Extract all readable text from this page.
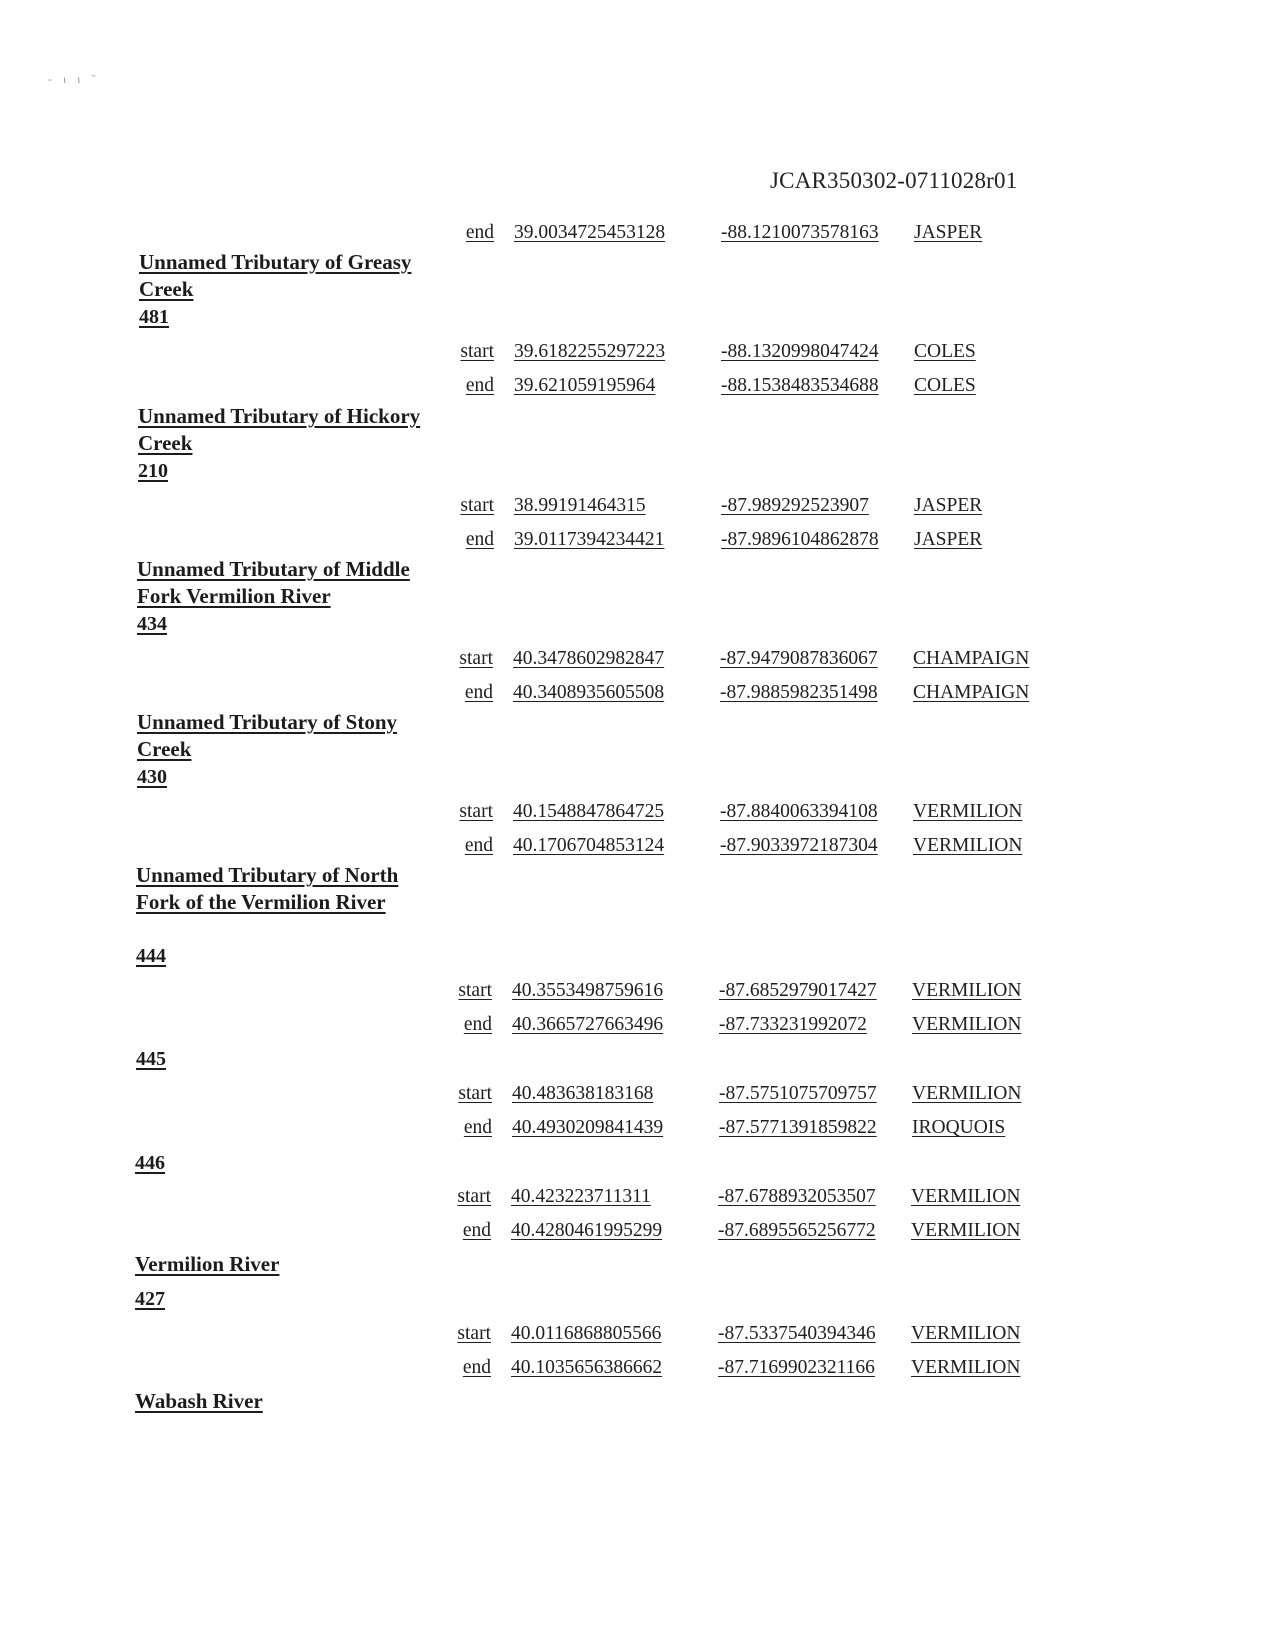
- ι ι ˜
JCAR350302-0711028r01
end 39.0034725453128	-88.1210073578163 JASPER
Unnamed Tributary of Greasy Creek
481
start 39.6182255297223	-88.1320998047424 COLES
end 39.621059195964	-88.1538483534688 COLES
Unnamed Tributary of Hickory Creek
210
start 38.99191464315	-87.989292523907 JASPER
end 39.0117394234421	-87.9896104862878 JASPER
Unnamed Tributary of Middle Fork Vermilion River
434
start 40.3478602982847	-87.9479087836067 CHAMPAIGN
end 40.3408935605508	-87.9885982351498 CHAMPAIGN
Unnamed Tributary of Stony Creek
430
start 40.1548847864725	-87.8840063394108 VERMILION
end 40.1706704853124	-87.9033972187304 VERMILION
Unnamed Tributary of North Fork of the Vermilion River
444
start 40.3553498759616	-87.6852979017427 VERMILION
end 40.3665727663496	-87.733231992072 VERMILION
445
start 40.483638183168	-87.5751075709757 VERMILION
end 40.4930209841439	-87.5771391859822 IROQUOIS
446
start 40.423223711311	-87.6788932053507 VERMILION
end 40.4280461995299	-87.6895565256772 VERMILION
Vermilion River
427
start 40.0116868805566	-87.5337540394346 VERMILION
end 40.1035656386662	-87.7169902321166 VERMILION
Wabash River
